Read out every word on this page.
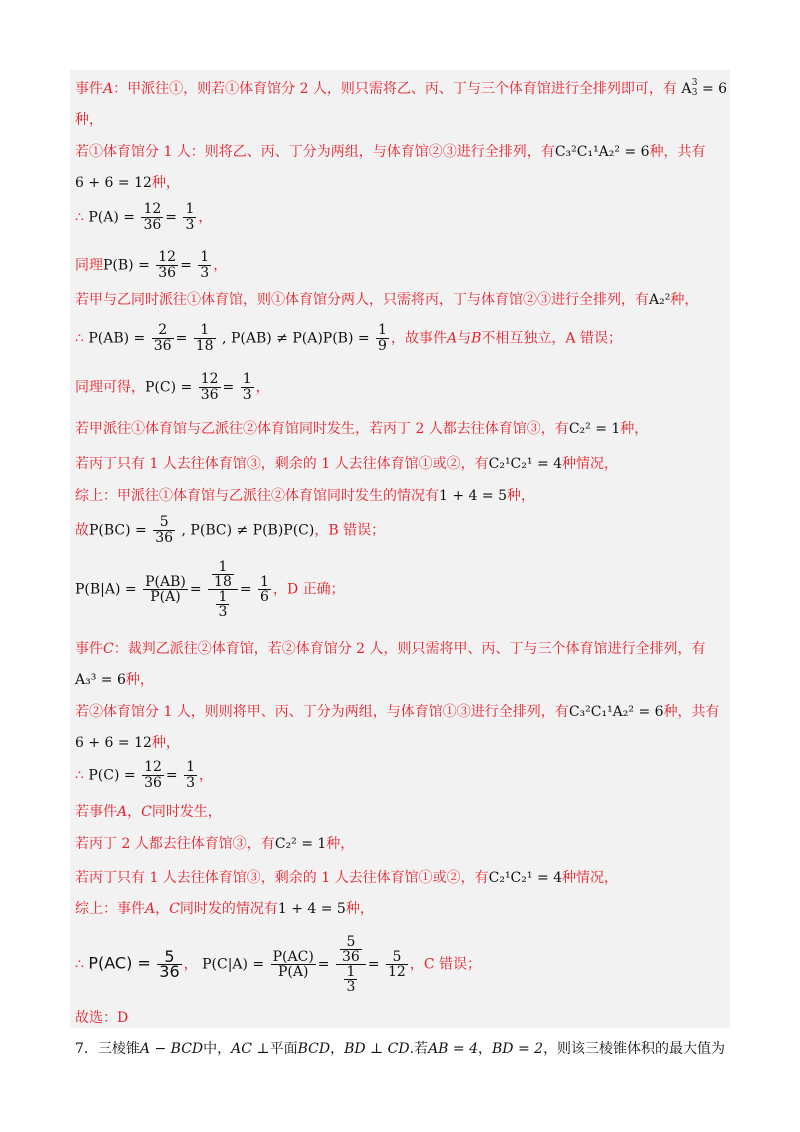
事件A：甲派往①，则若①体育馆分 2 人，则只需将乙、丙、丁与三个体育馆进行全排列即可，有 A 3
3 = 6
种，
若①体育馆分 1 人：则将乙、丙、丁分为两组，与体育馆②③进行全排列，有C₃²C₁¹A₂² = 6种，共有
6 + 6 = 12种，
∴ $P(A) = \frac{12}{36} = \frac{1}{3}$ ，
同理$P(B) = \frac{12}{36} = \frac{1}{3}$ ，
若甲与乙同时派往①体育馆，则①体育馆分两人，只需将丙，丁与体育馆②③进行全排列，有A₂²种，
∴ $P(AB) = \frac{2}{36} = \frac{1}{18}$ , $P(AB) \ne P(A)P(B) = \frac{1}{9}$ ，故事件A与B不相互独立，A 错误；
同理可得，$P(C) = \frac{12}{36} = \frac{1}{3}$ ，
若甲派往①体育馆与乙派往②体育馆同时发生，若丙丁 2 人都去往体育馆③，有C₂² = 1种，
若丙丁只有 1 人去往体育馆③，剩余的 1 人去往体育馆①或②，有C₂¹C₂¹ = 4种情况，
综上：甲派往①体育馆与乙派往②体育馆同时发生的情况有1 + 4 = 5种，
故$P(BC) = \frac{5}{36}$ , P(BC) ≠ P(B)P(C)，B 错误；
$P(B|A) = \frac{P(AB)}{P(A)} = \frac{\frac{1}{18}}{\frac{1}{3}} = \frac{1}{6}$ ，D 正确；
事件C：裁判乙派往②体育馆，若②体育馆分 2 人，则只需将甲、丙、丁与三个体育馆进行全排列，有
A₃³ = 6种，
若②体育馆分 1 人，则则将甲、丙、丁分为两组，与体育馆①③进行全排列，有C₃²C₁¹A₂² = 6种，共有
6 + 6 = 12种，
∴ $P(C) = \frac{12}{36} = \frac{1}{3}$ ，
若事件A，C同时发生，
若丙丁 2 人都去往体育馆③，有C₂² = 1种，
若丙丁只有 1 人去往体育馆③，剩余的 1 人去往体育馆①或②，有C₂¹C₂¹ = 4种情况，
综上：事件A，C同时发的情况有1 + 4 = 5种，
∴ $P(AC) = \frac{5}{36}$ ， $P(C|A) = \frac{P(AC)}{P(A)} = \frac{\frac{5}{36}}{\frac{1}{3}} = \frac{5}{12}$ ，C 错误；
故选：D
7．三棱锥A − BCD中，AC ⊥平面BCD，BD ⊥ CD.若AB = 4，BD = 2，则该三棱锥体积的最大值为
